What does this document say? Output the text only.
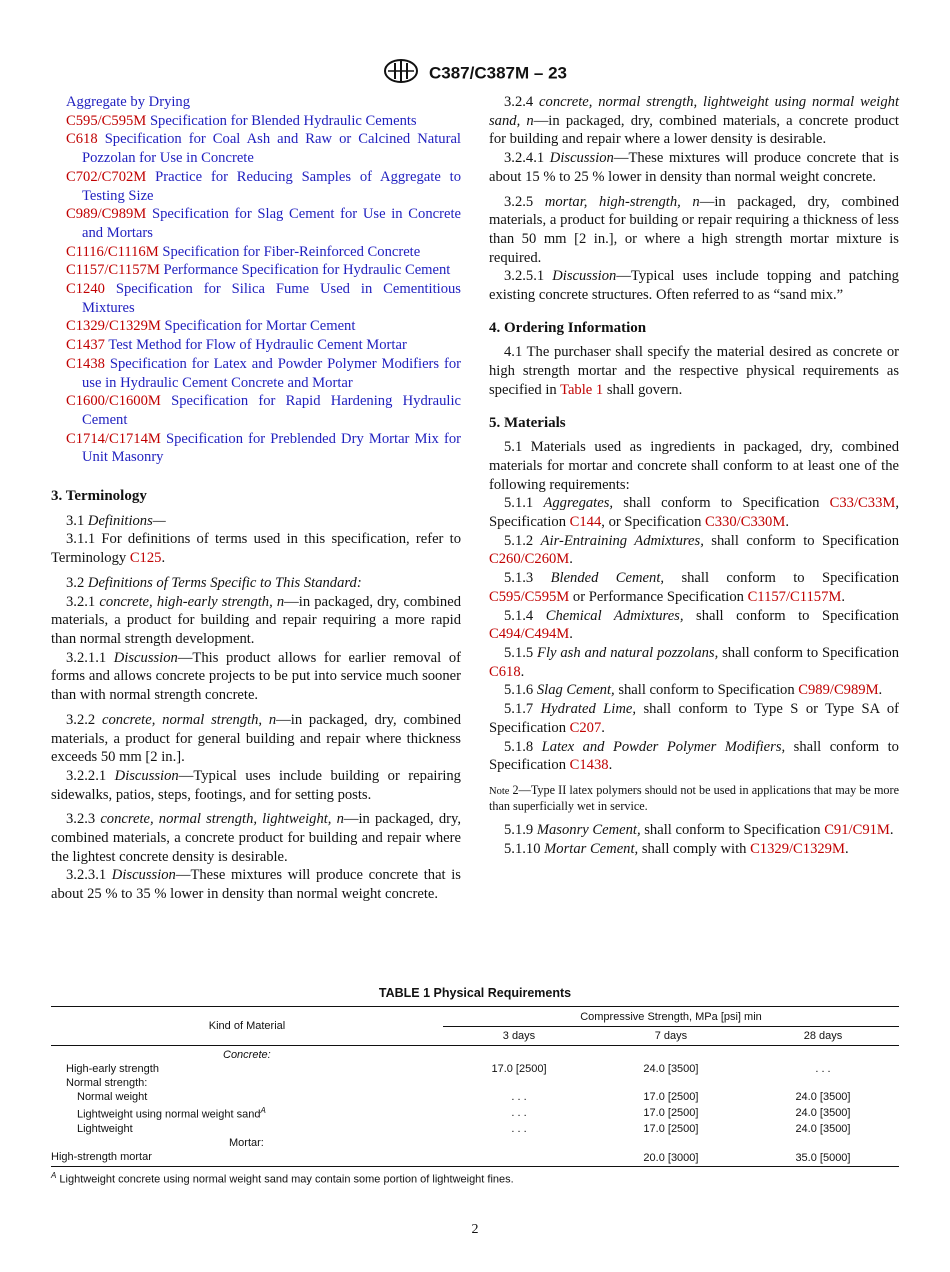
C387/C387M – 23

Aggregate by Drying

C595/C595M Specification for Blended Hydraulic Cements

C618 Specification for Coal Ash and Raw or Calcined Natural Pozzolan for Use in Concrete

C702/C702M Practice for Reducing Samples of Aggregate to Testing Size

C989/C989M Specification for Slag Cement for Use in Concrete and Mortars

C1116/C1116M Specification for Fiber-Reinforced Concrete

C1157/C1157M Performance Specification for Hydraulic Cement

C1240 Specification for Silica Fume Used in Cementitious Mixtures

C1329/C1329M Specification for Mortar Cement

C1437 Test Method for Flow of Hydraulic Cement Mortar

C1438 Specification for Latex and Powder Polymer Modifiers for use in Hydraulic Cement Concrete and Mortar

C1600/C1600M Specification for Rapid Hardening Hydraulic Cement

C1714/C1714M Specification for Preblended Dry Mortar Mix for Unit Masonry

3. Terminology

3.1 Definitions—

3.1.1 For definitions of terms used in this specification, refer to Terminology C125.

3.2 Definitions of Terms Specific to This Standard:

3.2.1 concrete, high-early strength, n—in packaged, dry, combined materials, a product for building and repair requiring a more rapid than normal strength development.

3.2.1.1 Discussion—This product allows for earlier removal of forms and allows concrete projects to be put into service much sooner than with normal strength concrete.

3.2.2 concrete, normal strength, n—in packaged, dry, combined materials, a product for general building and repair where thickness exceeds 50 mm [2 in.].

3.2.2.1 Discussion—Typical uses include building or repairing sidewalks, patios, steps, footings, and for setting posts.

3.2.3 concrete, normal strength, lightweight, n—in packaged, dry, combined materials, a concrete product for building and repair where the lightest concrete density is desirable.

3.2.3.1 Discussion—These mixtures will produce concrete that is about 25 % to 35 % lower in density than normal weight concrete.

3.2.4 concrete, normal strength, lightweight using normal weight sand, n—in packaged, dry, combined materials, a concrete product for building and repair where a lower density is desirable.

3.2.4.1 Discussion—These mixtures will produce concrete that is about 15 % to 25 % lower in density than normal weight concrete.

3.2.5 mortar, high-strength, n—in packaged, dry, combined materials, a product for building or repair requiring a thickness of less than 50 mm [2 in.], or where a high strength mortar mixture is required.

3.2.5.1 Discussion—Typical uses include topping and patching existing concrete structures. Often referred to as “sand mix.”

4. Ordering Information

4.1 The purchaser shall specify the material desired as concrete or high strength mortar and the respective physical requirements as specified in Table 1 shall govern.

5. Materials

5.1 Materials used as ingredients in packaged, dry, combined materials for mortar and concrete shall conform to at least one of the following requirements:

5.1.1 Aggregates, shall conform to Specification C33/C33M, Specification C144, or Specification C330/C330M.

5.1.2 Air-Entraining Admixtures, shall conform to Specification C260/C260M.

5.1.3 Blended Cement, shall conform to Specification C595/C595M or Performance Specification C1157/C1157M.

5.1.4 Chemical Admixtures, shall conform to Specification C494/C494M.

5.1.5 Fly ash and natural pozzolans, shall conform to Specification C618.

5.1.6 Slag Cement, shall conform to Specification C989/C989M.

5.1.7 Hydrated Lime, shall conform to Type S or Type SA of Specification C207.

5.1.8 Latex and Powder Polymer Modifiers, shall conform to Specification C1438.

Note 2—Type II latex polymers should not be used in applications that may be more than superficially wet in service.

5.1.9 Masonry Cement, shall conform to Specification C91/C91M.

5.1.10 Mortar Cement, shall comply with C1329/C1329M.

TABLE 1 Physical Requirements
Kind of Material	Compressive Strength, MPa [psi] min		
	3 days	7 days	28 days
Concrete:			
High-early strength	17.0 [2500]	24.0 [3500]	. . .
Normal strength:			
Normal weight	. . .	17.0 [2500]	24.0 [3500]
Lightweight using normal weight sand$^A$	. . .	17.0 [2500]	24.0 [3500]
Lightweight	. . .	17.0 [2500]	24.0 [3500]
Mortar:			
High-strength mortar		20.0 [3000]	35.0 [5000]
$^A$ Lightweight concrete using normal weight sand may contain some portion of lightweight fines.
2
